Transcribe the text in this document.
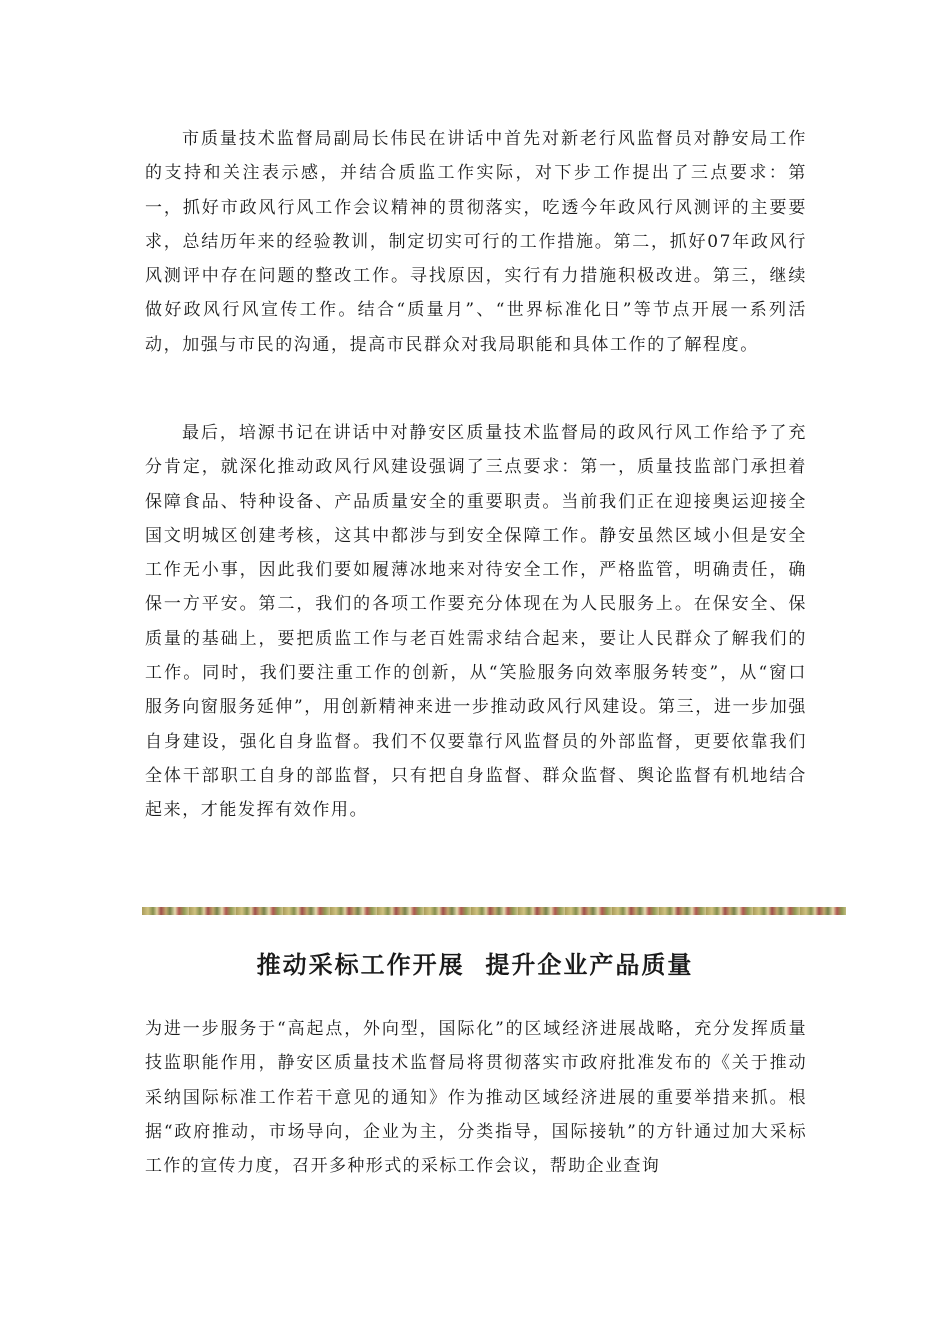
市质量技术监督局副局长伟民在讲话中首先对新老行风监督员对静安局工作的支持和关注表示感，并结合质监工作实际，对下步工作提出了三点要求：第一，抓好市政风行风工作会议精神的贯彻落实，吃透今年政风行风测评的主要要求，总结历年来的经验教训，制定切实可行的工作措施。第二，抓好07年政风行风测评中存在问题的整改工作。寻找原因，实行有力措施积极改进。第三，继续做好政风行风宣传工作。结合“质量月”、“世界标准化日”等节点开展一系列活动，加强与市民的沟通，提高市民群众对我局职能和具体工作的了解程度。

最后，培源书记在讲话中对静安区质量技术监督局的政风行风工作给予了充分肯定，就深化推动政风行风建设强调了三点要求：第一，质量技监部门承担着保障食品、特种设备、产品质量安全的重要职责。当前我们正在迎接奥运迎接全国文明城区创建考核，这其中都涉与到安全保障工作。静安虽然区域小但是安全工作无小事，因此我们要如履薄冰地来对待安全工作，严格监管，明确责任，确保一方平安。第二，我们的各项工作要充分体现在为人民服务上。在保安全、保质量的基础上，要把质监工作与老百姓需求结合起来，要让人民群众了解我们的工作。同时，我们要注重工作的创新，从“笑脸服务向效率服务转变”，从“窗口服务向窗服务延伸”，用创新精神来进一步推动政风行风建设。第三，进一步加强自身建设，强化自身监督。我们不仅要靠行风监督员的外部监督，更要依靠我们全体干部职工自身的部监督，只有把自身监督、群众监督、舆论监督有机地结合起来，才能发挥有效作用。

推动采标工作开展  提升企业产品质量

为进一步服务于“高起点，外向型，国际化”的区域经济进展战略，充分发挥质量技监职能作用，静安区质量技术监督局将贯彻落实市政府批准发布的《关于推动采纳国际标准工作若干意见的通知》作为推动区域经济进展的重要举措来抓。根据“政府推动，市场导向，企业为主，分类指导，国际接轨”的方针通过加大采标工作的宣传力度，召开多种形式的采标工作会议，帮助企业查询
